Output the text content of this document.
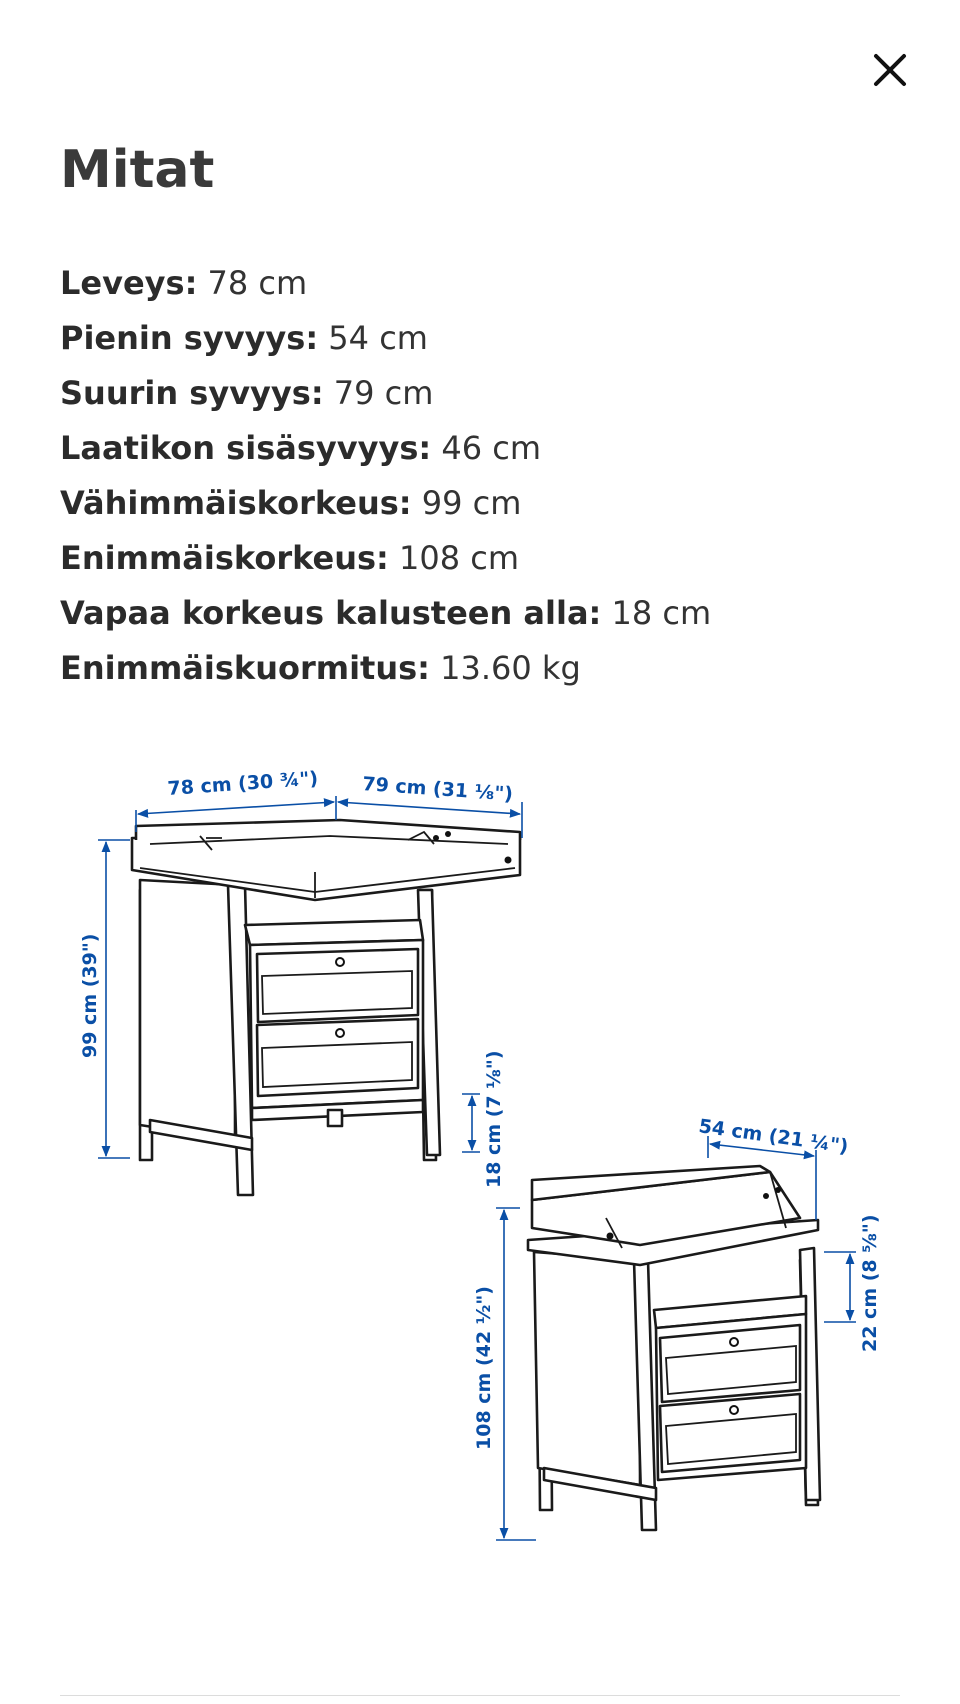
Mitat
Leveys: 78 cm
Pienin syvyys: 54 cm
Suurin syvyys: 79 cm
Laatikon sisäsyvyys: 46 cm
Vähimmäiskorkeus: 99 cm
Enimmäiskorkeus: 108 cm
Vapaa korkeus kalusteen alla: 18 cm
Enimmäiskuormitus: 13.60 kg
78 cm (30 ¾") 79 cm (31 ⅛")
99 cm (39")
18 cm (7 ⅛")	54 cm (21 ¼")
108 cm (42 ½")
22 cm (8 ⅝")
